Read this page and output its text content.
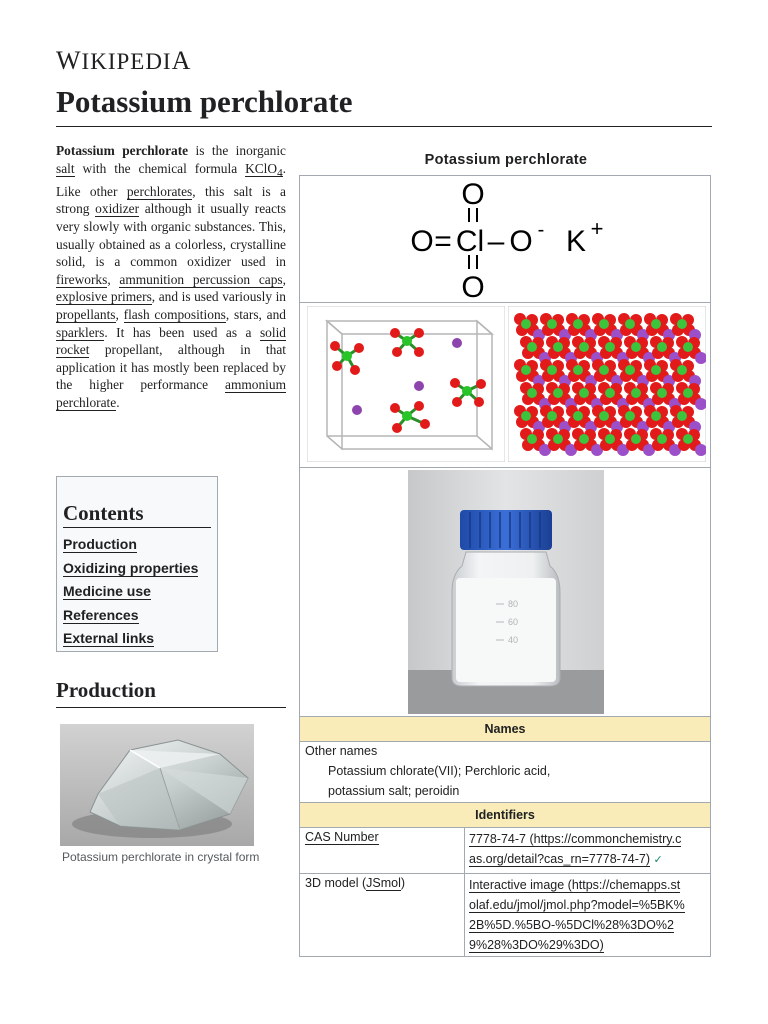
WIKIPEDIA
Potassium perchlorate

Potassium perchlorate is the inorganic salt with the chemical formula KClO$_4$. Like other perchlorates, this salt is a strong oxidizer although it usually reacts very slowly with organic substances. This, usually obtained as a colorless, crystalline solid, is a common oxidizer used in fireworks, ammunition percussion caps, explosive primers, and is used variously in propellants, flash compositions, stars, and sparklers. It has been used as a solid rocket propellant, although in that application it has mostly been replaced by the higher performance ammonium perchlorate.

Contents
Production
Oxidizing properties
Medicine use
References
External links
Production
Potassium perchlorate in crystal form
Potassium perchlorate
O
O
O = Cl – O - K +
80
60
40
Names
Other names
Potassium chlorate(VII); Perchloric acid,
potassium salt; peroidin
Identifiers
CAS Number	7778-74-7 (https://commonchemistry.c
as.org/detail?cas_rn=7778-74-7) ✓
3D model (JSmol)	Interactive image (https://chemapps.st
olaf.edu/jmol/jmol.php?model=%5BK%
2B%5D.%5BO-%5DCl%28%3DO%2
9%28%3DO%29%3DO)
